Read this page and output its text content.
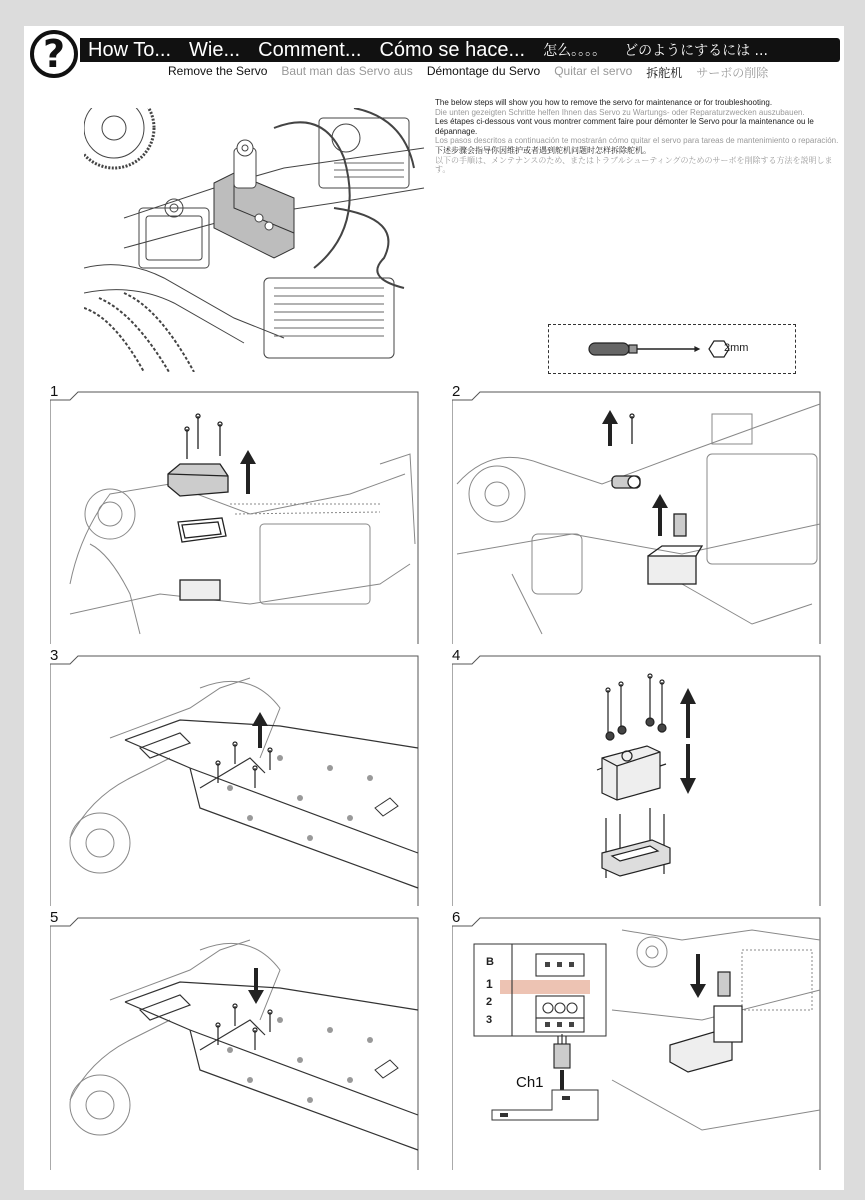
? How To... Wie... Comment... Cómo se hace... 怎么。。。。 どのようにするには ...
Remove the Servo Baut man das Servo aus Démontage du Servo Quitar el servo 拆舵机 サーボの削除

The below steps will show you how to remove the servo for maintenance or for troubleshooting.

Die unten gezeigten Schritte helfen Ihnen das Servo zu Wartungs- oder Reparaturzwecken auszubauen.

Les étapes ci-dessous vont vous montrer comment faire pour démonter le Servo pour la maintenance ou le dépannage.

Los pasos descritos a continuación te mostrarán cómo quitar el servo para tareas de mantenimiento o reparación.

下述步骤会指导你因维护或者遇到舵机问题时怎样拆除舵机。

以下の手順は、メンテナンスのため、またはトラブルシューティングのためのサーボを削除する方法を説明します。

2mm
1	2
3	4
5	6
B
1
2
3
Ch1
